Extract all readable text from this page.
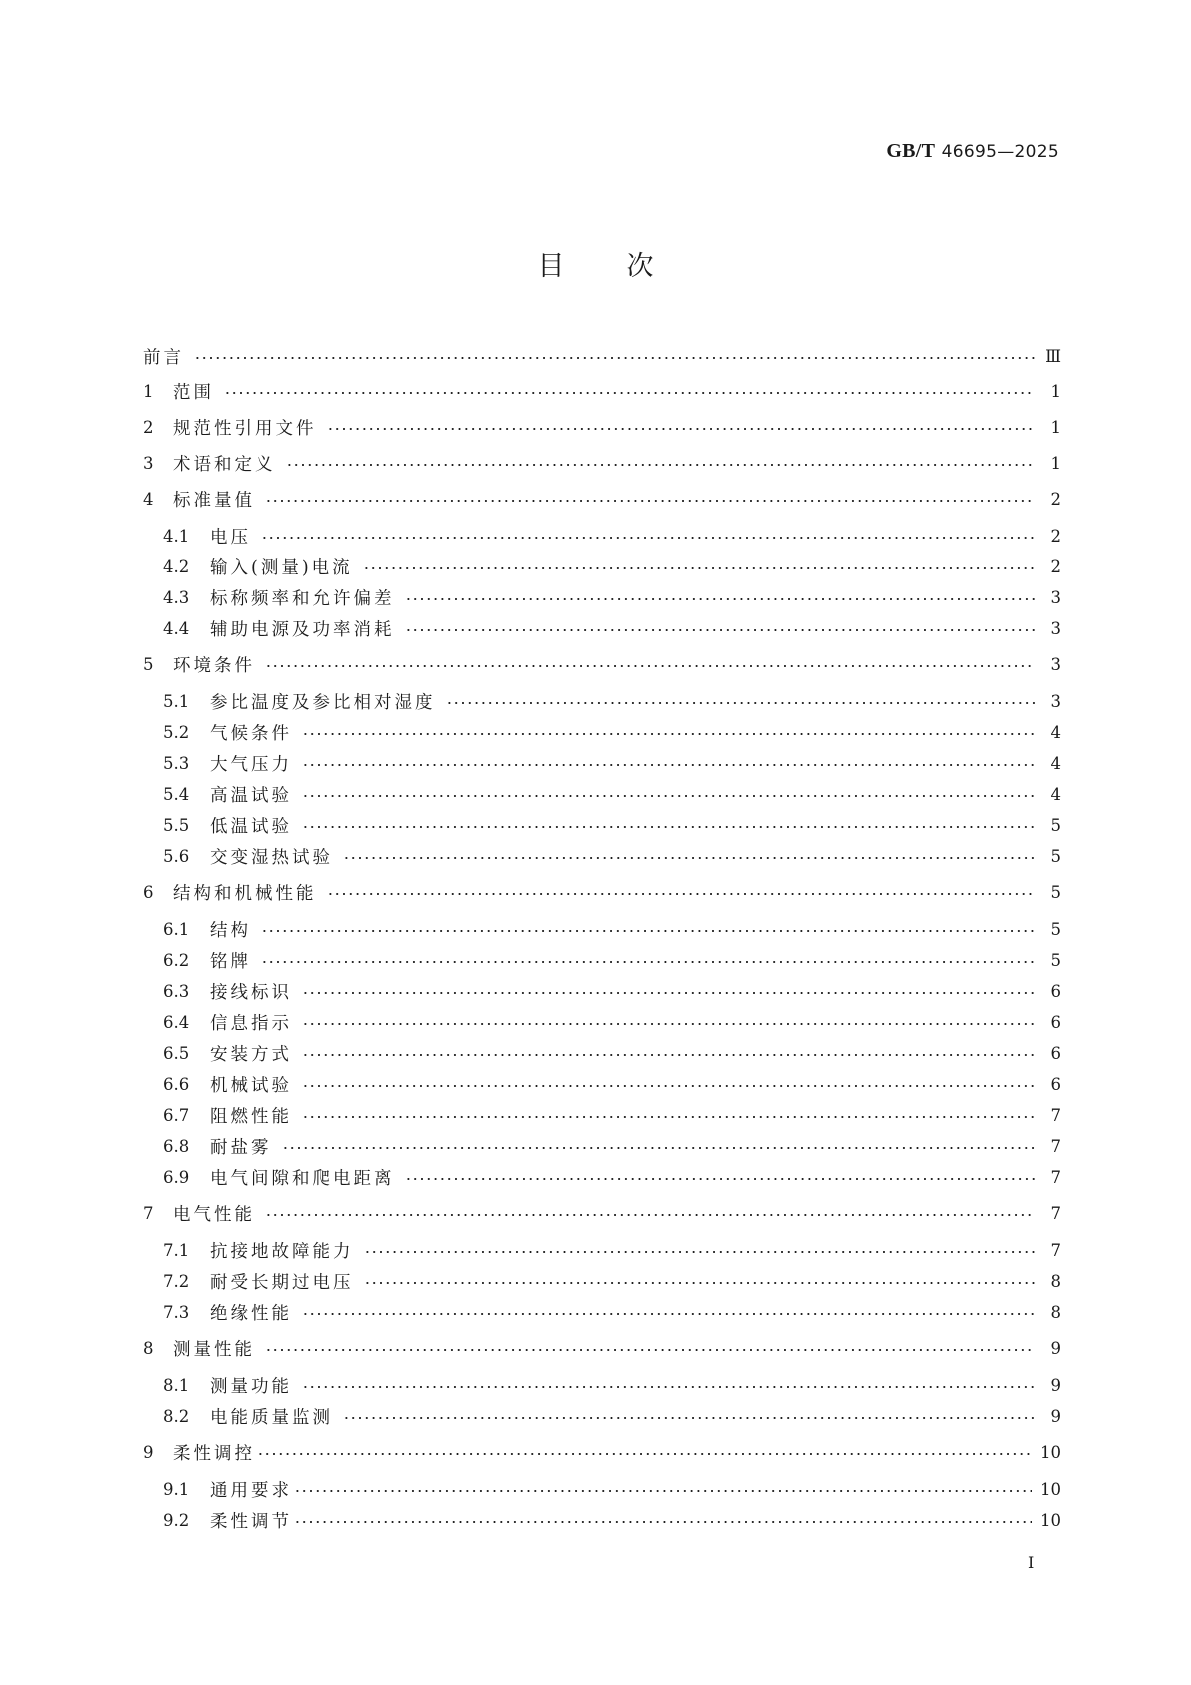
GB/T 46695—2025
目次
前言	Ⅲ
1	范围	1
2	规范性引用文件	1
3	术语和定义	1
4	标准量值	2
4.1	电压	2
4.2	输入(测量)电流	2
4.3	标称频率和允许偏差	3
4.4	辅助电源及功率消耗	3
5	环境条件	3
5.1	参比温度及参比相对湿度	3
5.2	气候条件	4
5.3	大气压力	4
5.4	高温试验	4
5.5	低温试验	5
5.6	交变湿热试验	5
6	结构和机械性能	5
6.1	结构	5
6.2	铭牌	5
6.3	接线标识	6
6.4	信息指示	6
6.5	安装方式	6
6.6	机械试验	6
6.7	阻燃性能	7
6.8	耐盐雾	7
6.9	电气间隙和爬电距离	7
7	电气性能	7
7.1	抗接地故障能力	7
7.2	耐受长期过电压	8
7.3	绝缘性能	8
8	测量性能	9
8.1	测量功能	9
8.2	电能质量监测	9
9	柔性调控	10
9.1	通用要求	10
9.2	柔性调节	10
I
